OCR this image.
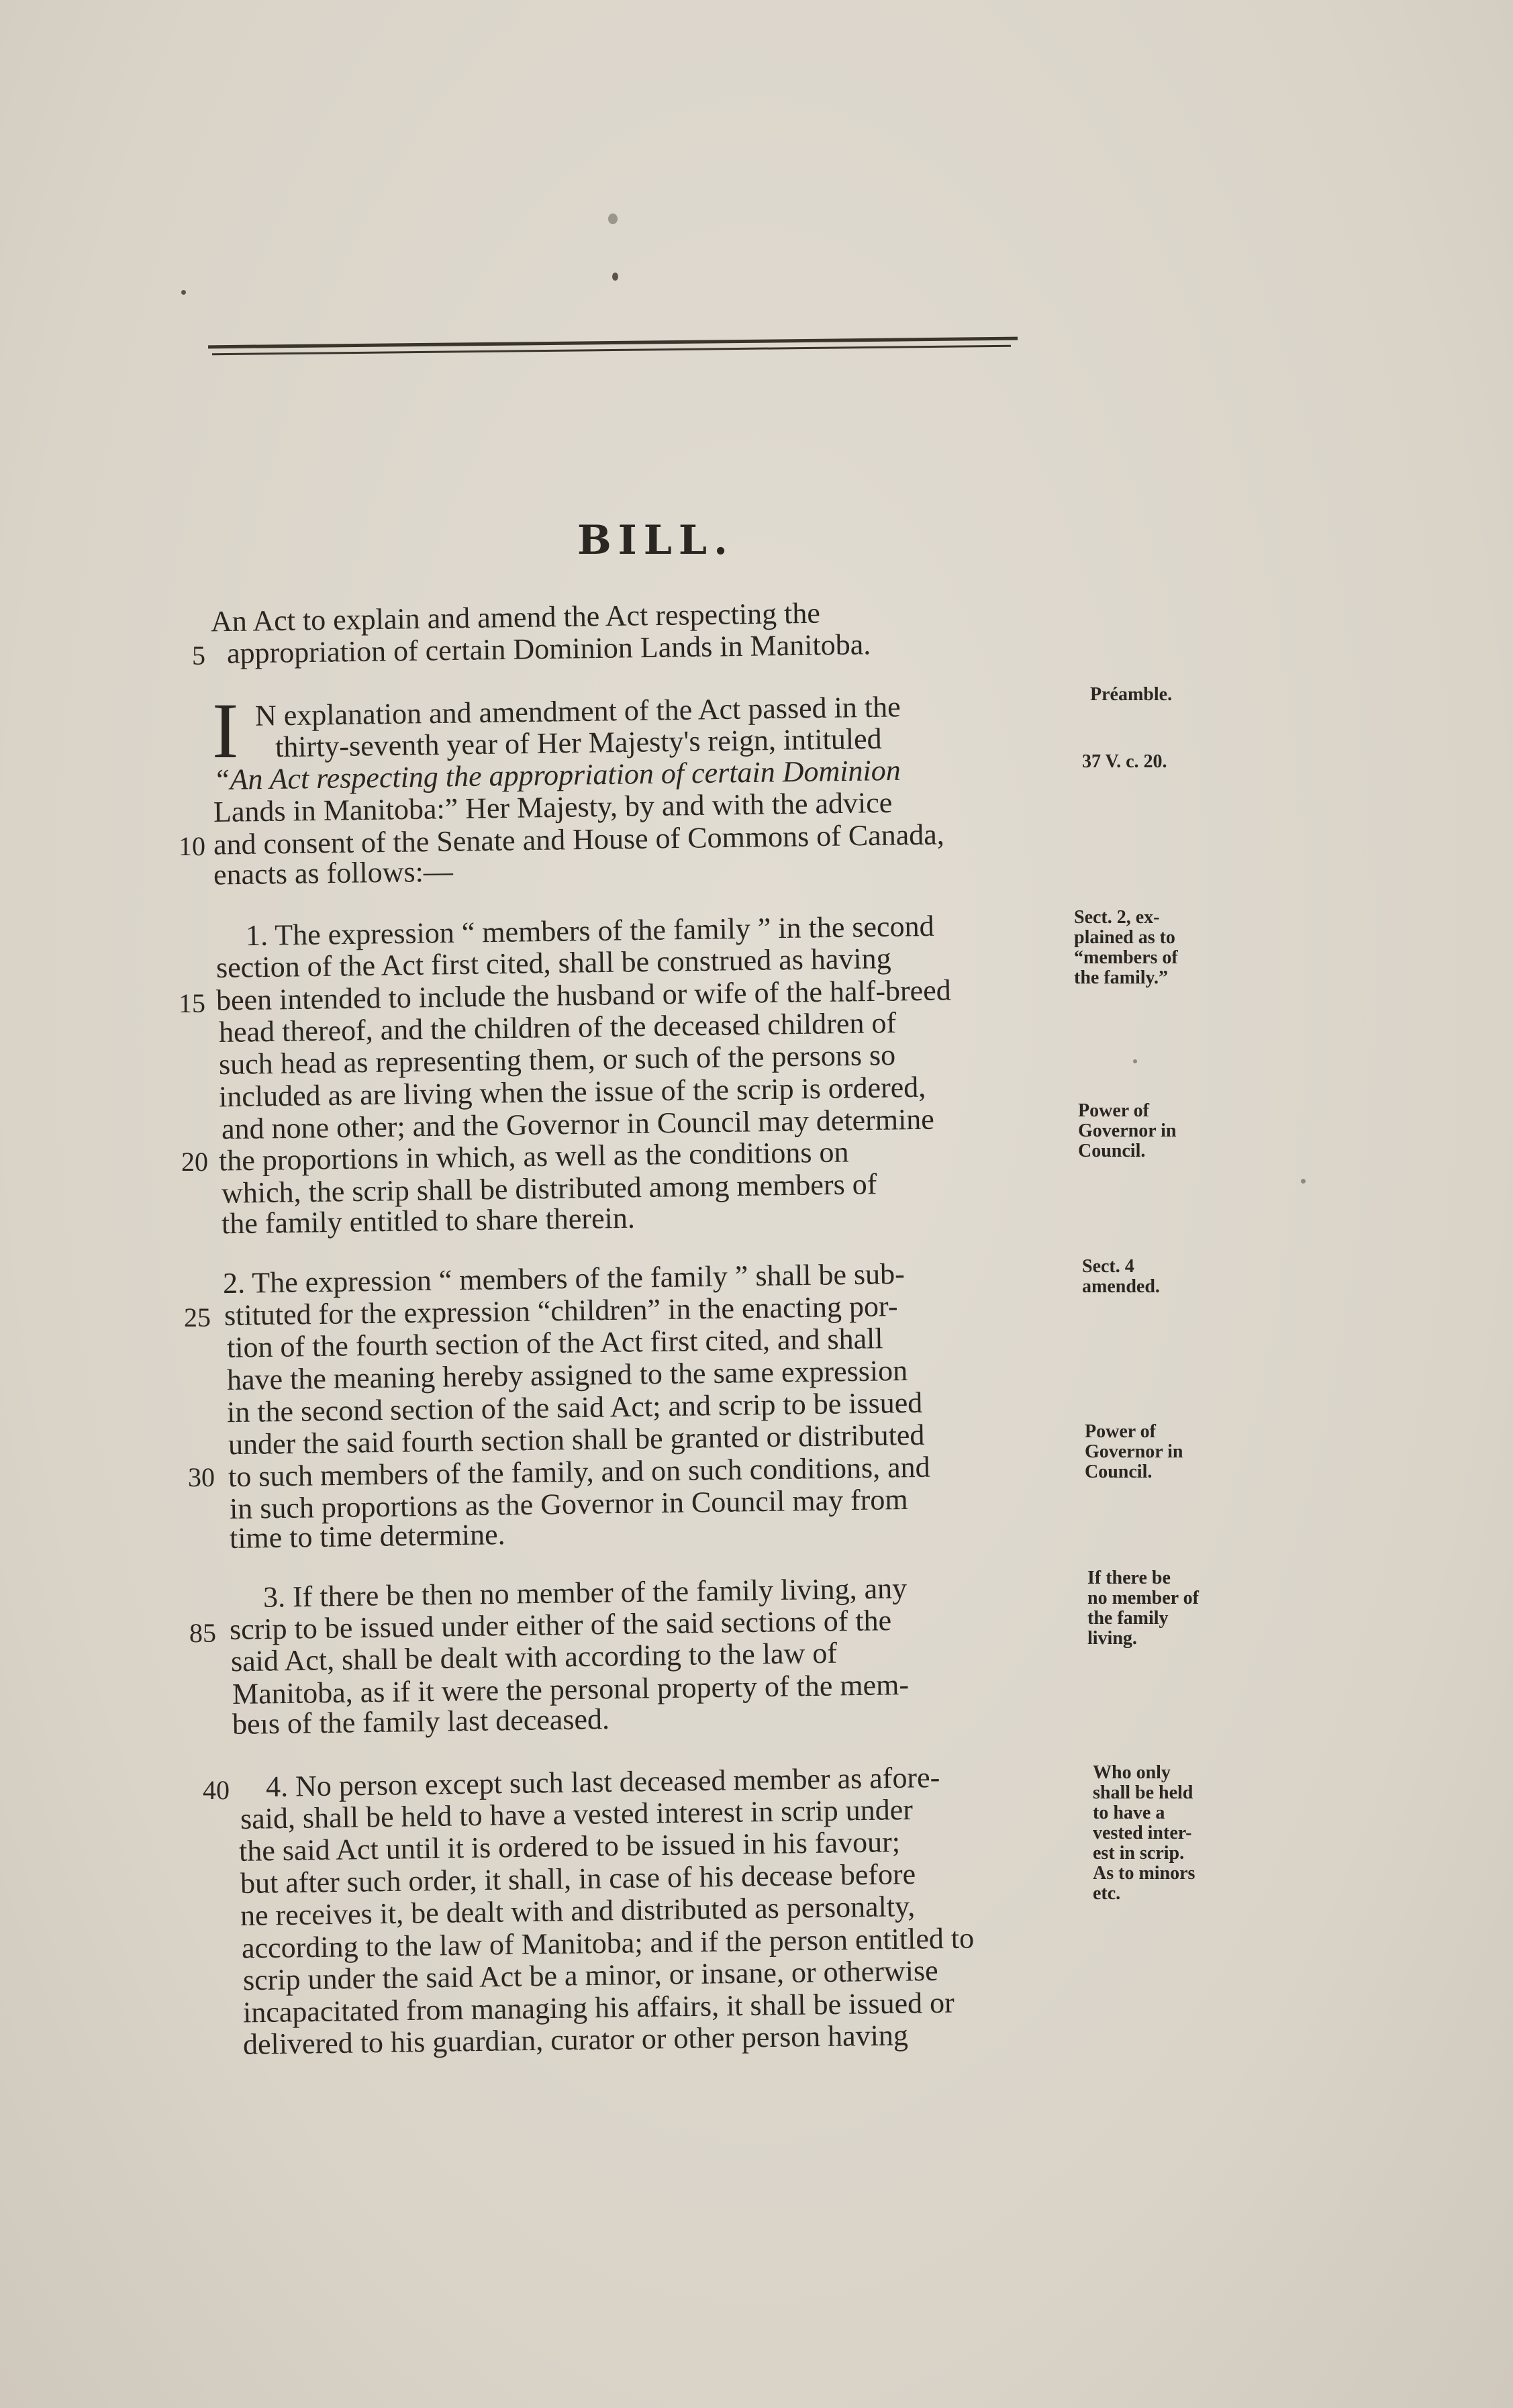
BILL.
An Act to explain and amend the Act respecting the
5 appropriation of certain Dominion Lands in Manitoba.
I N explanation and amendment of the Act passed in the
thirty-seventh year of Her Majesty's reign, intituled
“An Act respecting the appropriation of certain Dominion
Lands in Manitoba:” Her Majesty, by and with the advice
10 and consent of the Senate and House of Commons of Canada,
enacts as follows:—
Préamble.
37 V. c. 20.
1. The expression “ members of the family ” in the second
section of the Act first cited, shall be construed as having
15 been intended to include the husband or wife of the half-breed
head thereof, and the children of the deceased children of
such head as representing them, or such of the persons so
included as are living when the issue of the scrip is ordered,
and none other; and the Governor in Council may determine
20 the proportions in which, as well as the conditions on
which, the scrip shall be distributed among members of
the family entitled to share therein.
Sect. 2, ex-
plained as to
“members of
the family.”
Power of
Governor in
Council.
2. The expression “ members of the family ” shall be sub-
25 stituted for the expression “children” in the enacting por-
tion of the fourth section of the Act first cited, and shall
have the meaning hereby assigned to the same expression
in the second section of the said Act; and scrip to be issued
under the said fourth section shall be granted or distributed
30 to such members of the family, and on such conditions, and
in such proportions as the Governor in Council may from
time to time determine.
Sect. 4
amended.
Power of
Governor in
Council.
3. If there be then no member of the family living, any
85 scrip to be issued under either of the said sections of the
said Act, shall be dealt with according to the law of
Manitoba, as if it were the personal property of the mem-
beıs of the family last deceased.
If there be
no member of
the family
living.
40 4. No person except such last deceased member as afore-
said, shall be held to have a vested interest in scrip under
the said Act until it is ordered to be issued in his favour;
but after such order, it shall, in case of his decease before
ne receives it, be dealt with and distributed as personalty,
according to the law of Manitoba; and if the person entitled to
scrip under the said Act be a minor, or insane, or otherwise
incapacitated from managing his affairs, it shall be issued or
delivered to his guardian, curator or other person having
Who only
shall be held
to have a
vested inter-
est in scrip.
As to minors
etc.
